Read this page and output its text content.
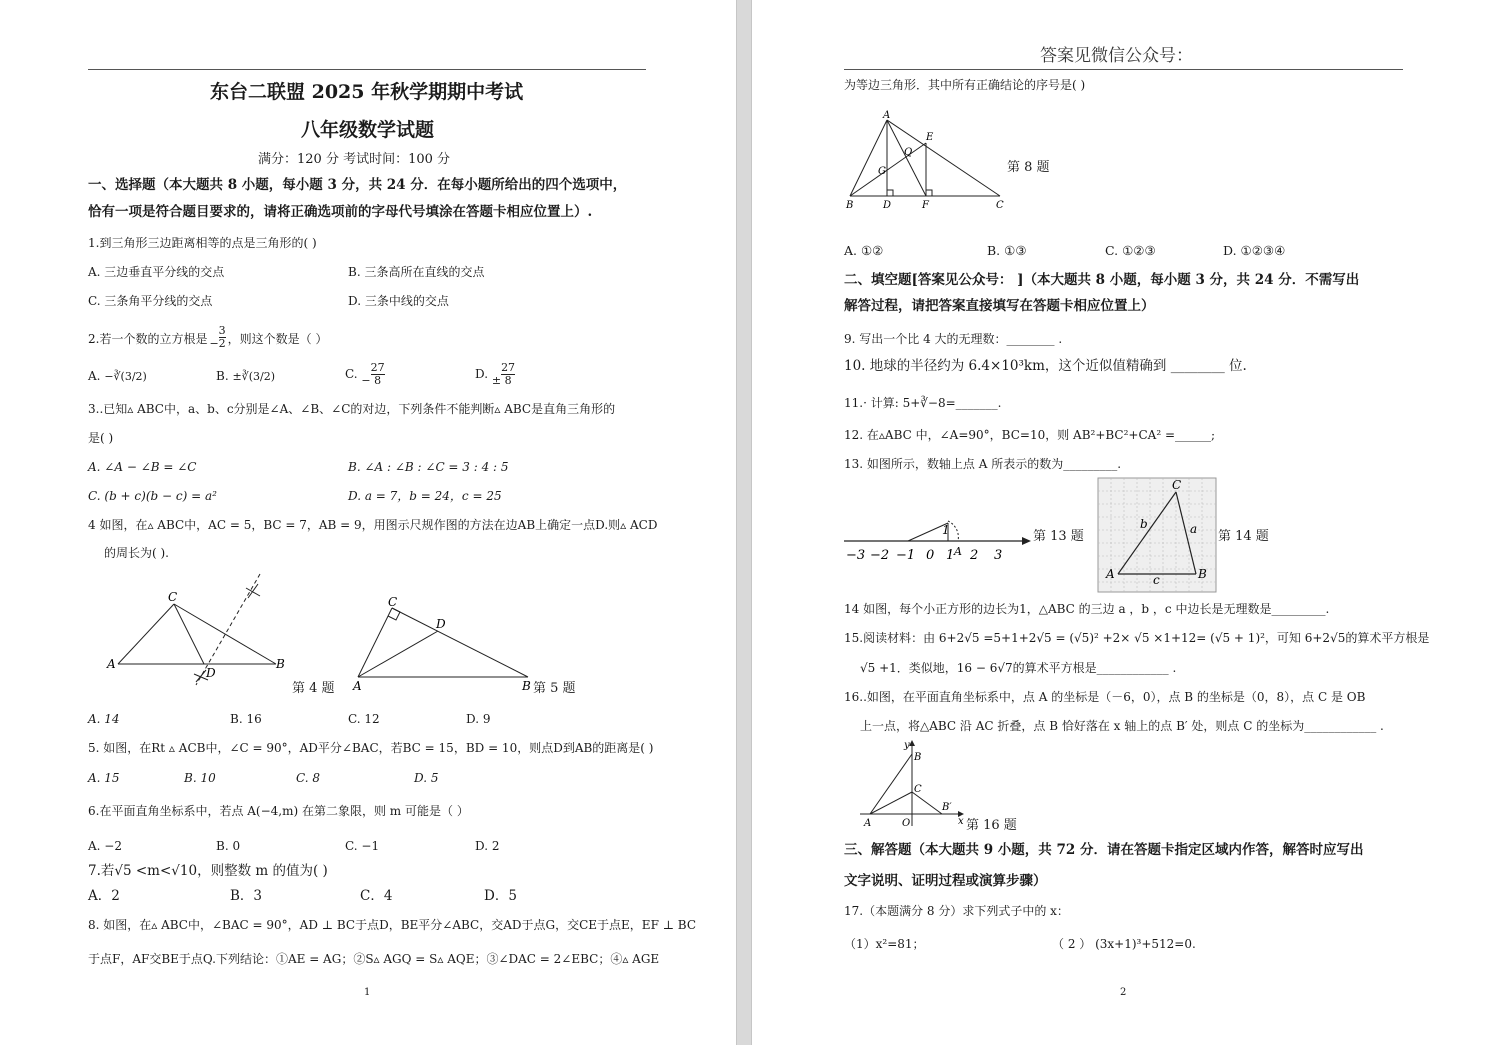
东台二联盟 2025 年秋学期期中考试
八年级数学试题
满分：120 分 考试时间：100 分
一、选择题（本大题共 8 小题，每小题 3 分，共 24 分．在每小题所给出的四个选项中，
恰有一项是符合题目要求的，请将正确选项前的字母代号填涂在答题卡相应位置上）.
1.到三角形三边距离相等的点是三角形的( )
A. 三边垂直平分线的交点	B. 三条高所在直线的交点
C. 三条角平分线的交点	D. 三条中线的交点
2.若一个数的立方根是 − $\frac{3}{2}$ ，则这个数是（ ）
A. −∛(3/2)	B. ±∛(3/2)	C. − $\frac{27}{8}$	D. ± $\frac{27}{8}$
3..已知▵ ABC中，a、b、c分别是∠A、∠B、∠C的对边，下列条件不能判断▵ ABC是直角三角形的
是( )
A. ∠A − ∠B = ∠C	B. ∠A : ∠B : ∠C = 3 : 4 : 5
C. (b + c)(b − c) = a²	D. a = 7，b = 24，c = 25
4 如图，在▵ ABC中，AC = 5，BC = 7，AB = 9，用图示尺规作图的方法在边AB上确定一点D.则▵ ACD
的周长为( ).
A
C
B
D
第 4 题
C
D
A	B 第 5 题
A. 14	B. 16	C. 12	D. 9
5. 如图，在Rt ▵ ACB中，∠C = 90°，AD平分∠BAC，若BC = 15，BD = 10，则点D到AB的距离是( )
A. 15	B. 10	C. 8	D. 5
6.在平面直角坐标系中，若点 A(−4,m) 在第二象限，则 m 可能是（ ）
A. −2	B. 0	C. −1	D. 2
7.若√5 <m<√10，则整数 m 的值为( )
A．2	B．3	C．4	D．5
8. 如图，在▵ ABC中，∠BAC = 90°，AD ⊥ BC于点D，BE平分∠ABC，交AD于点G，交CE于点E，EF ⊥ BC
于点F，AF交BE于点Q.下列结论：①AE = AG；②S▵ AGQ = S▵ AQE；③∠DAC = 2∠EBC；④▵ AGE
1
答案见微信公众号：
为等边三角形．其中所有正确结论的序号是( )
A
E
Q
G
B	D	F	C
第 8 题
A. ①②	B. ①③	C. ①②③	D. ①②③④
二、填空题[答案见公众号： ]（本大题共 8 小题，每小题 3 分，共 24 分．不需写出
解答过程，请把答案直接填写在答题卡相应位置上）
9. 写出一个比 4 大的无理数：________ .
10. 地球的半径约为 6.4×10³km，这个近似值精确到 ________ 位.
11.· 计算: 5+∛−8=_______.
12. 在▵ABC 中，∠A=90°，BC=10，则 AB²+BC²+CA² =______;
13. 如图所示，数轴上点 A 所表示的数为_________.
1
−3 −2 −1 0 1 A 2 3
第 13 题
C
A	B
b	a
c
第 14 题
14 如图，每个小正方形的边长为1，△ABC 的三边 a ，b ，c 中边长是无理数是_________.
15.阅读材料：由 6+2√5 =5+1+2√5 = (√5)² +2× √5 ×1+12= (√5 + 1)²，可知 6+2√5的算术平方根是
√5 +1．类似地，16 − 6√7的算术平方根是____________ .
16..如图，在平面直角坐标系中，点 A 的坐标是（－6，0），点 B 的坐标是（0，8），点 C 是 OB
上一点，将△ABC 沿 AC 折叠，点 B 恰好落在 x 轴上的点 B′ 处，则点 C 的坐标为____________ .
y
B
C
B′
A	O	x 第 16 题
三、解答题（本大题共 9 小题，共 72 分．请在答题卡指定区域内作答，解答时应写出
文字说明、证明过程或演算步骤）
17.（本题满分 8 分）求下列式子中的 x：
（1）x²=81；	（ 2 ） (3x+1)³+512=0.
2
